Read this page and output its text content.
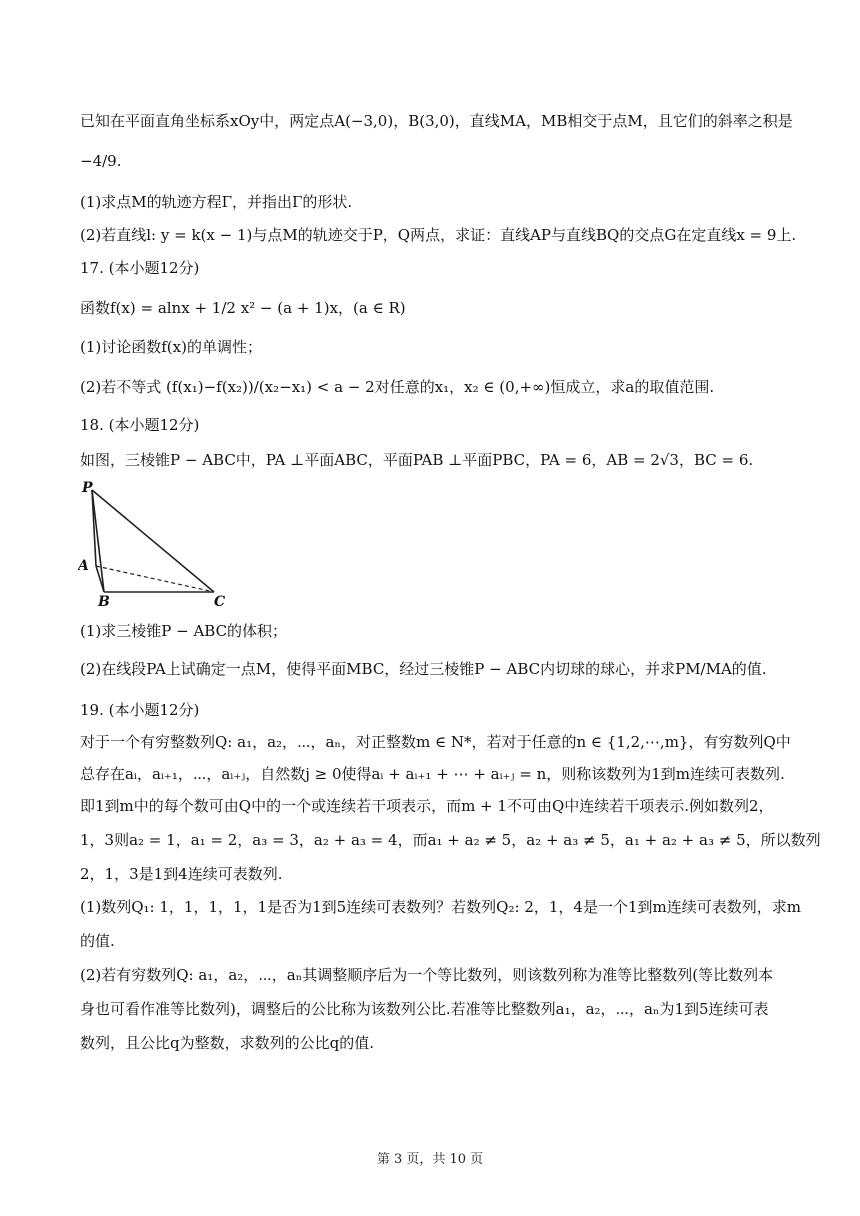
已知在平面直角坐标系xOy中，两定点A(−3,0)，B(3,0)，直线MA，MB相交于点M，且它们的斜率之积是
−4/9.
(1)求点M的轨迹方程Γ，并指出Γ的形状.
(2)若直线l: y = k(x − 1)与点M的轨迹交于P，Q两点，求证：直线AP与直线BQ的交点G在定直线x = 9上.
17. (本小题12分)
函数f(x) = alnx + 1/2 x² − (a + 1)x，(a ∈ R)
(1)讨论函数f(x)的单调性；
(2)若不等式 (f(x₁)−f(x₂))/(x₂−x₁) < a − 2对任意的x₁，x₂ ∈ (0,+∞)恒成立，求a的取值范围.
18. (本小题12分)
如图，三棱锥P − ABC中，PA ⊥平面ABC，平面PAB ⊥平面PBC，PA = 6，AB = 2√3，BC = 6.
P
A
B	C
(1)求三棱锥P − ABC的体积；
(2)在线段PA上试确定一点M，使得平面MBC，经过三棱锥P − ABC内切球的球心，并求PM/MA的值.
19. (本小题12分)
对于一个有穷整数列Q: a₁，a₂，⋯，aₙ，对正整数m ∈ N*，若对于任意的n ∈ {1,2,⋯,m}，有穷数列Q中
总存在aᵢ，aᵢ₊₁，⋯，aᵢ₊ⱼ，自然数j ≥ 0使得aᵢ + aᵢ₊₁ + ⋯ + aᵢ₊ⱼ = n，则称该数列为1到m连续可表数列.
即1到m中的每个数可由Q中的一个或连续若干项表示，而m + 1不可由Q中连续若干项表示.例如数列2，
1，3则a₂ = 1，a₁ = 2，a₃ = 3，a₂ + a₃ = 4，而a₁ + a₂ ≠ 5，a₂ + a₃ ≠ 5，a₁ + a₂ + a₃ ≠ 5，所以数列
2，1，3是1到4连续可表数列.
(1)数列Q₁: 1，1，1，1，1是否为1到5连续可表数列？若数列Q₂: 2，1，4是一个1到m连续可表数列，求m
的值.
(2)若有穷数列Q: a₁，a₂，⋯，aₙ其调整顺序后为一个等比数列，则该数列称为准等比整数列(等比数列本
身也可看作准等比数列)，调整后的公比称为该数列公比.若准等比整数列a₁，a₂，⋯，aₙ为1到5连续可表
数列，且公比q为整数，求数列的公比q的值.
第 3 页，共 10 页
